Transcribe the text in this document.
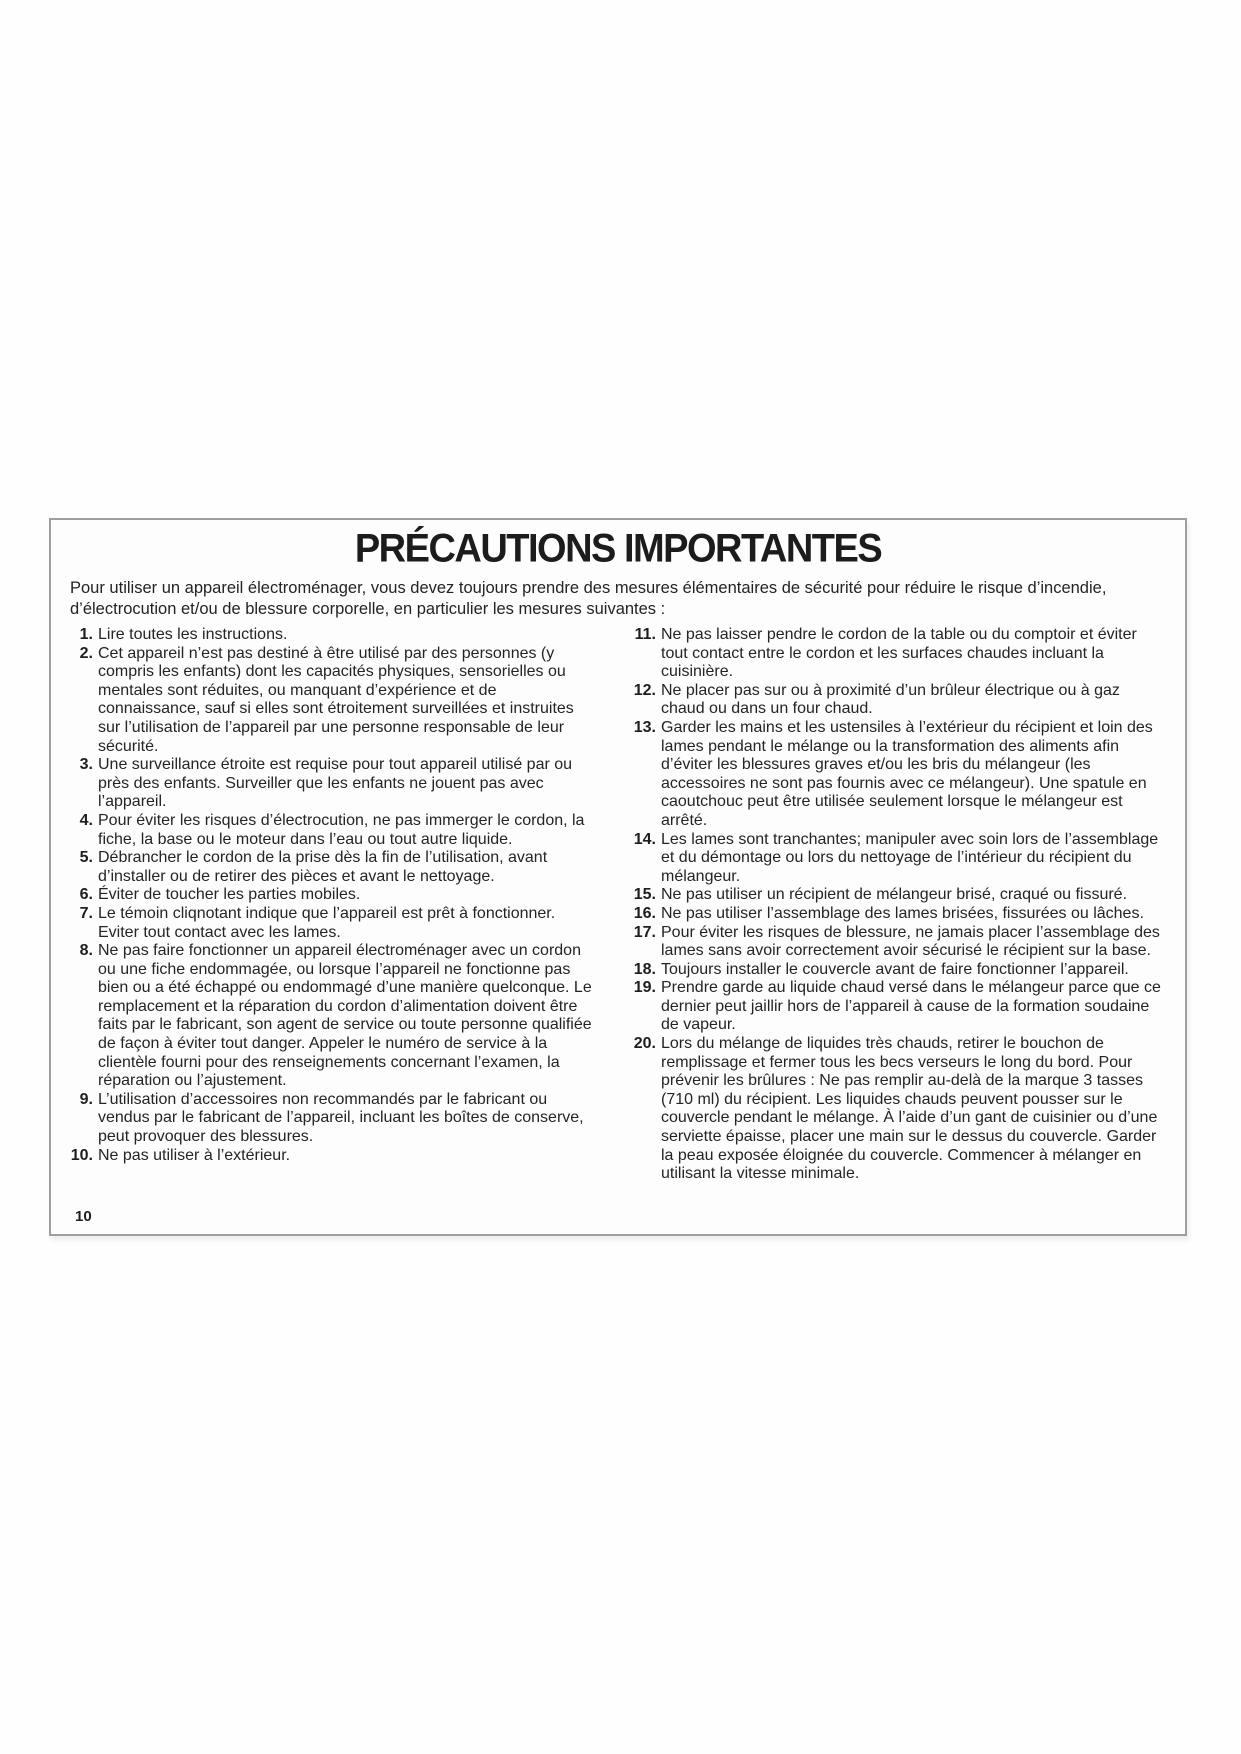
PRÉCAUTIONS IMPORTANTES

Pour utiliser un appareil électroménager, vous devez toujours prendre des mesures élémentaires de sécurité pour réduire le risque d’incendie, d’électrocution et/ou de blessure corporelle, en particulier les mesures suivantes :

1. Lire toutes les instructions.
2. Cet appareil n’est pas destiné à être utilisé par des personnes (y compris les enfants) dont les capacités physiques, sensorielles ou mentales sont réduites, ou manquant d’expérience et de connaissance, sauf si elles sont étroitement surveillées et instruites sur l’utilisation de l’appareil par une personne responsable de leur sécurité.
3. Une surveillance étroite est requise pour tout appareil utilisé par ou près des enfants. Surveiller que les enfants ne jouent pas avec l’appareil.
4. Pour éviter les risques d’électrocution, ne pas immerger le cordon, la fiche, la base ou le moteur dans l’eau ou tout autre liquide.
5. Débrancher le cordon de la prise dès la fin de l’utilisation, avant d’installer ou de retirer des pièces et avant le nettoyage.
6. Éviter de toucher les parties mobiles.
7. Le témoin cliqnotant indique que l’appareil est prêt à fonctionner. Eviter tout contact avec les lames.
8. Ne pas faire fonctionner un appareil électroménager avec un cordon ou une fiche endommagée, ou lorsque l’appareil ne fonctionne pas bien ou a été échappé ou endommagé d’une manière quelconque. Le remplacement et la réparation du cordon d’alimentation doivent être faits par le fabricant, son agent de service ou toute personne qualifiée de façon à éviter tout danger. Appeler le numéro de service à la clientèle fourni pour des renseignements concernant l’examen, la réparation ou l’ajustement.
9. L’utilisation d’accessoires non recommandés par le fabricant ou vendus par le fabricant de l’appareil, incluant les boîtes de conserve, peut provoquer des blessures.
10. Ne pas utiliser à l’extérieur.
11. Ne pas laisser pendre le cordon de la table ou du comptoir et éviter tout contact entre le cordon et les surfaces chaudes incluant la cuisinière.
12. Ne placer pas sur ou à proximité d’un brûleur électrique ou à gaz chaud ou dans un four chaud.
13. Garder les mains et les ustensiles à l’extérieur du récipient et loin des lames pendant le mélange ou la transformation des aliments afin d’éviter les blessures graves et/ou les bris du mélangeur (les accessoires ne sont pas fournis avec ce mélangeur). Une spatule en caoutchouc peut être utilisée seulement lorsque le mélangeur est arrêté.
14. Les lames sont tranchantes; manipuler avec soin lors de l’assemblage et du démontage ou lors du nettoyage de l’intérieur du récipient du mélangeur.
15. Ne pas utiliser un récipient de mélangeur brisé, craqué ou fissuré.
16. Ne pas utiliser l’assemblage des lames brisées, fissurées ou lâches.
17. Pour éviter les risques de blessure, ne jamais placer l’assemblage des lames sans avoir correctement avoir sécurisé le récipient sur la base.
18. Toujours installer le couvercle avant de faire fonctionner l’appareil.
19. Prendre garde au liquide chaud versé dans le mélangeur parce que ce dernier peut jaillir hors de l’appareil à cause de la formation soudaine de vapeur.
20. Lors du mélange de liquides très chauds, retirer le bouchon de remplissage et fermer tous les becs verseurs le long du bord. Pour prévenir les brûlures : Ne pas remplir au-delà de la marque 3 tasses (710 ml) du récipient. Les liquides chauds peuvent pousser sur le couvercle pendant le mélange. À l’aide d’un gant de cuisinier ou d’une serviette épaisse, placer une main sur le dessus du couvercle. Garder la peau exposée éloignée du couvercle. Commencer à mélanger en utilisant la vitesse minimale.
10
